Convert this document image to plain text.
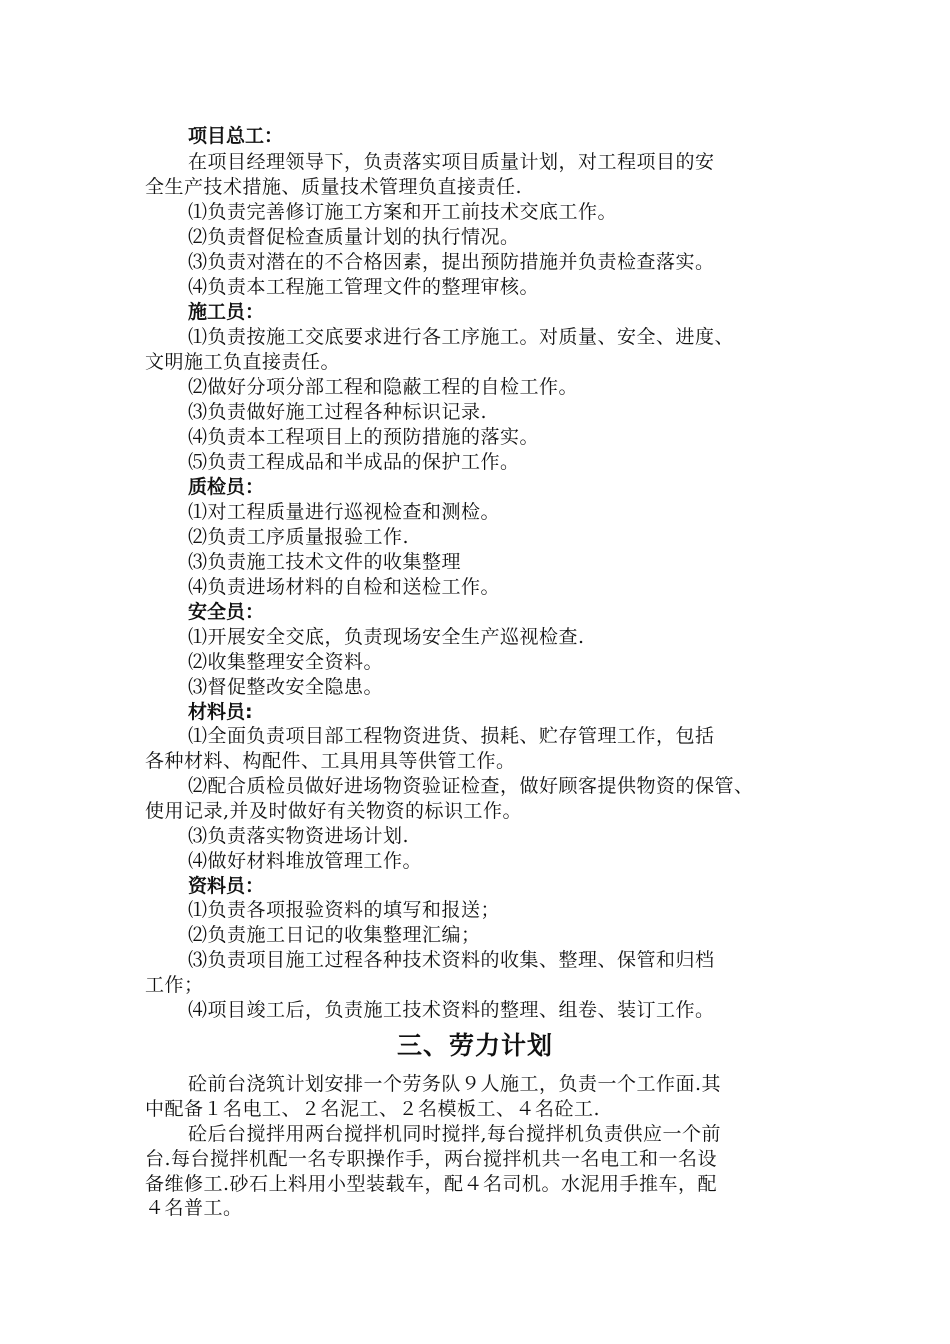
项目总工：
在项目经理领导下，负责落实项目质量计划，对工程项目的安
全生产技术措施、质量技术管理负直接责任.
⑴负责完善修订施工方案和开工前技术交底工作。
⑵负责督促检查质量计划的执行情况。
⑶负责对潜在的不合格因素，提出预防措施并负责检查落实。
⑷负责本工程施工管理文件的整理审核。
施工员：
⑴负责按施工交底要求进行各工序施工。对质量、安全、进度、
文明施工负直接责任。
⑵做好分项分部工程和隐蔽工程的自检工作。
⑶负责做好施工过程各种标识记录.
⑷负责本工程项目上的预防措施的落实。
⑸负责工程成品和半成品的保护工作。
质检员：
⑴对工程质量进行巡视检查和测检。
⑵负责工序质量报验工作.
⑶负责施工技术文件的收集整理
⑷负责进场材料的自检和送检工作。
安全员：
⑴开展安全交底，负责现场安全生产巡视检查.
⑵收集整理安全资料。
⑶督促整改安全隐患。
材料员:
⑴全面负责项目部工程物资进货、损耗、贮存管理工作，包括
各种材料、构配件、工具用具等供管工作。
⑵配合质检员做好进场物资验证检查，做好顾客提供物资的保管、
使用记录,并及时做好有关物资的标识工作。
⑶负责落实物资进场计划.
⑷做好材料堆放管理工作。
资料员：
⑴负责各项报验资料的填写和报送；
⑵负责施工日记的收集整理汇编；
⑶负责项目施工过程各种技术资料的收集、整理、保管和归档
工作；
⑷项目竣工后，负责施工技术资料的整理、组卷、装订工作。
三、劳力计划
砼前台浇筑计划安排一个劳务队９人施工，负责一个工作面.其
中配备１名电工、２名泥工、２名模板工、４名砼工.
砼后台搅拌用两台搅拌机同时搅拌,每台搅拌机负责供应一个前
台.每台搅拌机配一名专职操作手，两台搅拌机共一名电工和一名设
备维修工.砂石上料用小型装载车，配４名司机。水泥用手推车，配
４名普工。
